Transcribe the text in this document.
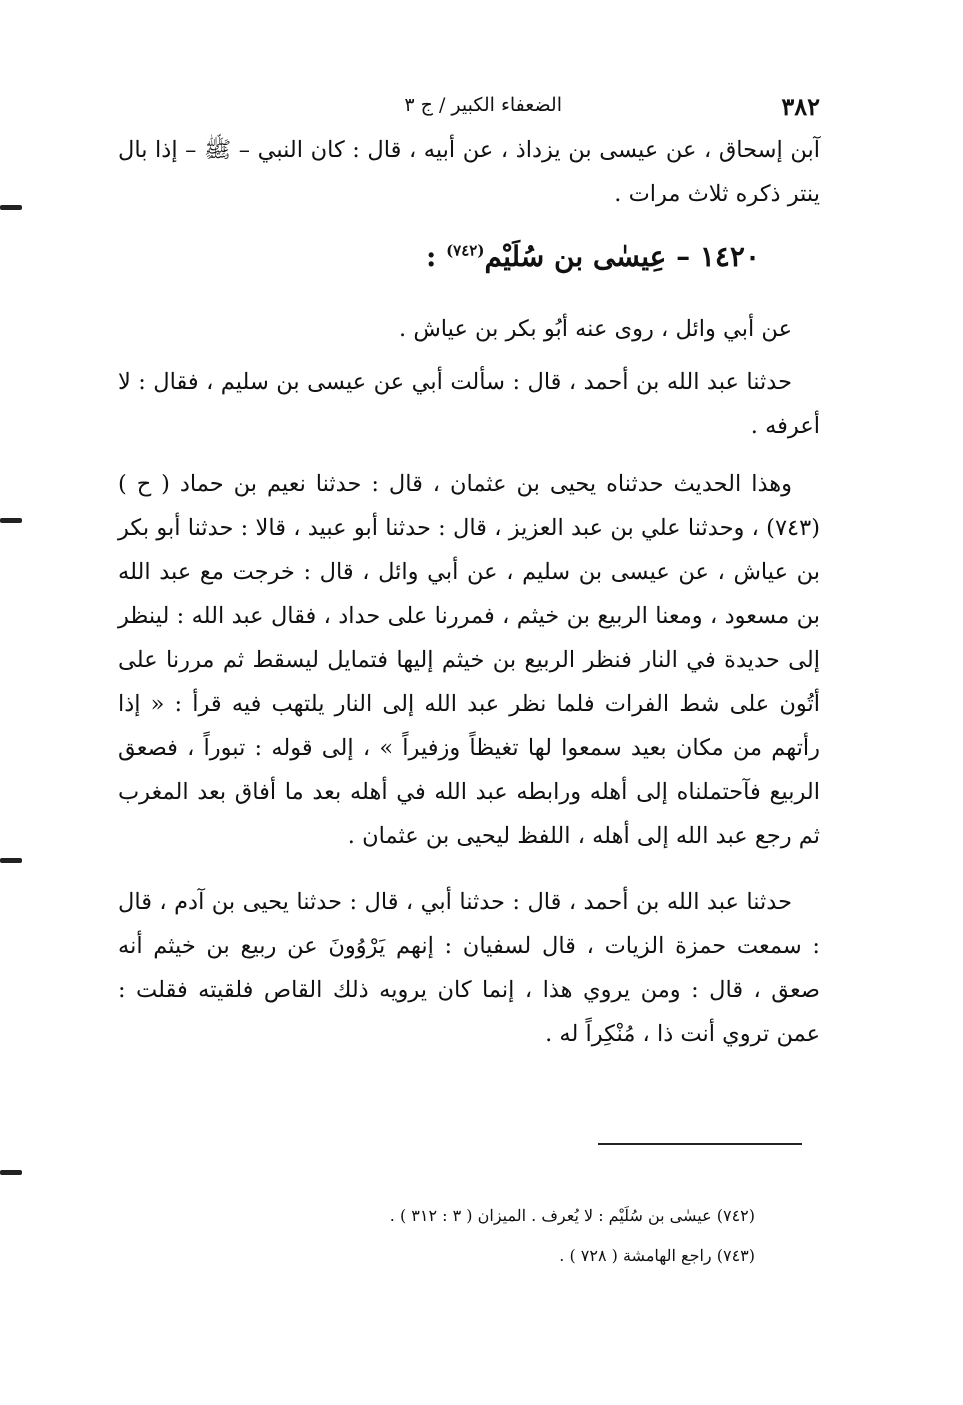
٣٨٢
الضعفاء الكبير / ج ٣

آبن إسحاق ، عن عيسى بن يزداذ ، عن أبيه ، قال : كان النبي – ﷺ – إذا بال ينتر ذكره ثلاث مرات .

١٤٢٠ – عِيسٰى بن سُلَيْم$^{(٧٤٢)}$ :

عن أبي وائل ، روى عنه أبُو بكر بن عياش .

حدثنا عبد الله بن أحمد ، قال : سألت أبي عن عيسى بن سليم ، فقال : لا أعرفه .

وهذا الحديث حدثناه يحيى بن عثمان ، قال : حدثنا نعيم بن حماد ( ح )(٧٤٣) ، وحدثنا علي بن عبد العزيز ، قال : حدثنا أبو عبيد ، قالا : حدثنا أبو بكر بن عياش ، عن عيسى بن سليم ، عن أبي وائل ، قال : خرجت مع عبد الله بن مسعود ، ومعنا الربيع بن خيثم ، فمررنا على حداد ، فقال عبد الله : لينظر إلى حديدة في النار فنظر الربيع بن خيثم إليها فتمايل ليسقط ثم مررنا على أتُون على شط الفرات فلما نظر عبد الله إلى النار يلتهب فيه قرأ : « إذا رأتهم من مكان بعيد سمعوا لها تغيظاً وزفيراً » ، إلى قوله : تبوراً ، فصعق الربيع فآحتملناه إلى أهله ورابطه عبد الله في أهله بعد ما أفاق بعد المغرب ثم رجع عبد الله إلى أهله ، اللفظ ليحيى بن عثمان .

حدثنا عبد الله بن أحمد ، قال : حدثنا أبي ، قال : حدثنا يحيى بن آدم ، قال : سمعت حمزة الزيات ، قال لسفيان : إنهم يَرْوُونَ عن ربيع بن خيثم أنه صعق ، قال : ومن يروي هذا ، إنما كان يرويه ذلك القاص فلقيته فقلت : عمن تروي أنت ذا ، مُنْكِراً له .

(٧٤٢) عيسٰى بن سُلَيْم : لا يُعرف . الميزان ( ٣ : ٣١٢ ) .

(٧٤٣) راجع الهامشة ( ٧٢٨ ) .
